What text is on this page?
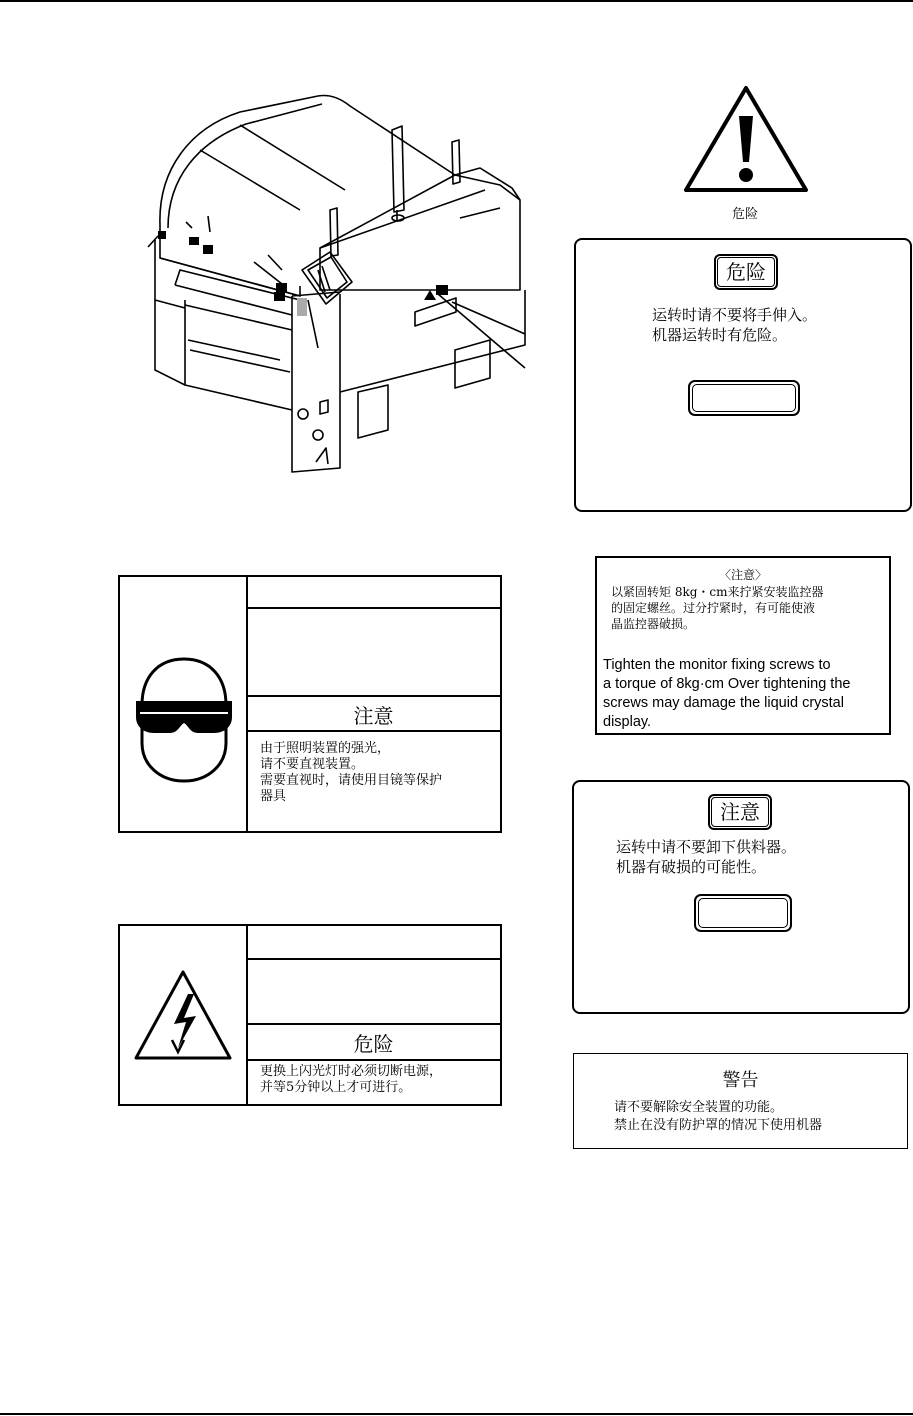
危险
危险
运转时请不要将手伸入。
机器运转时有危险。
注意
由于照明装置的强光，
请不要直视装置。
需要直视时，请使用目镜等保护
器具
〈注意〉
以紧固转矩 8kg・cm来拧紧安装监控器
的固定螺丝。过分拧紧时，有可能使液
晶监控器破损。
Tighten the monitor fixing screws to
a torque of 8kg·cm Over tightening the
screws may damage the liquid crystal
display.
注意
运转中请不要卸下供料器。
机器有破损的可能性。
危险
更换上闪光灯时必须切断电源，
并等5分钟以上才可进行。	警告
请不要解除安全装置的功能。
禁止在没有防护罩的情况下使用机器
